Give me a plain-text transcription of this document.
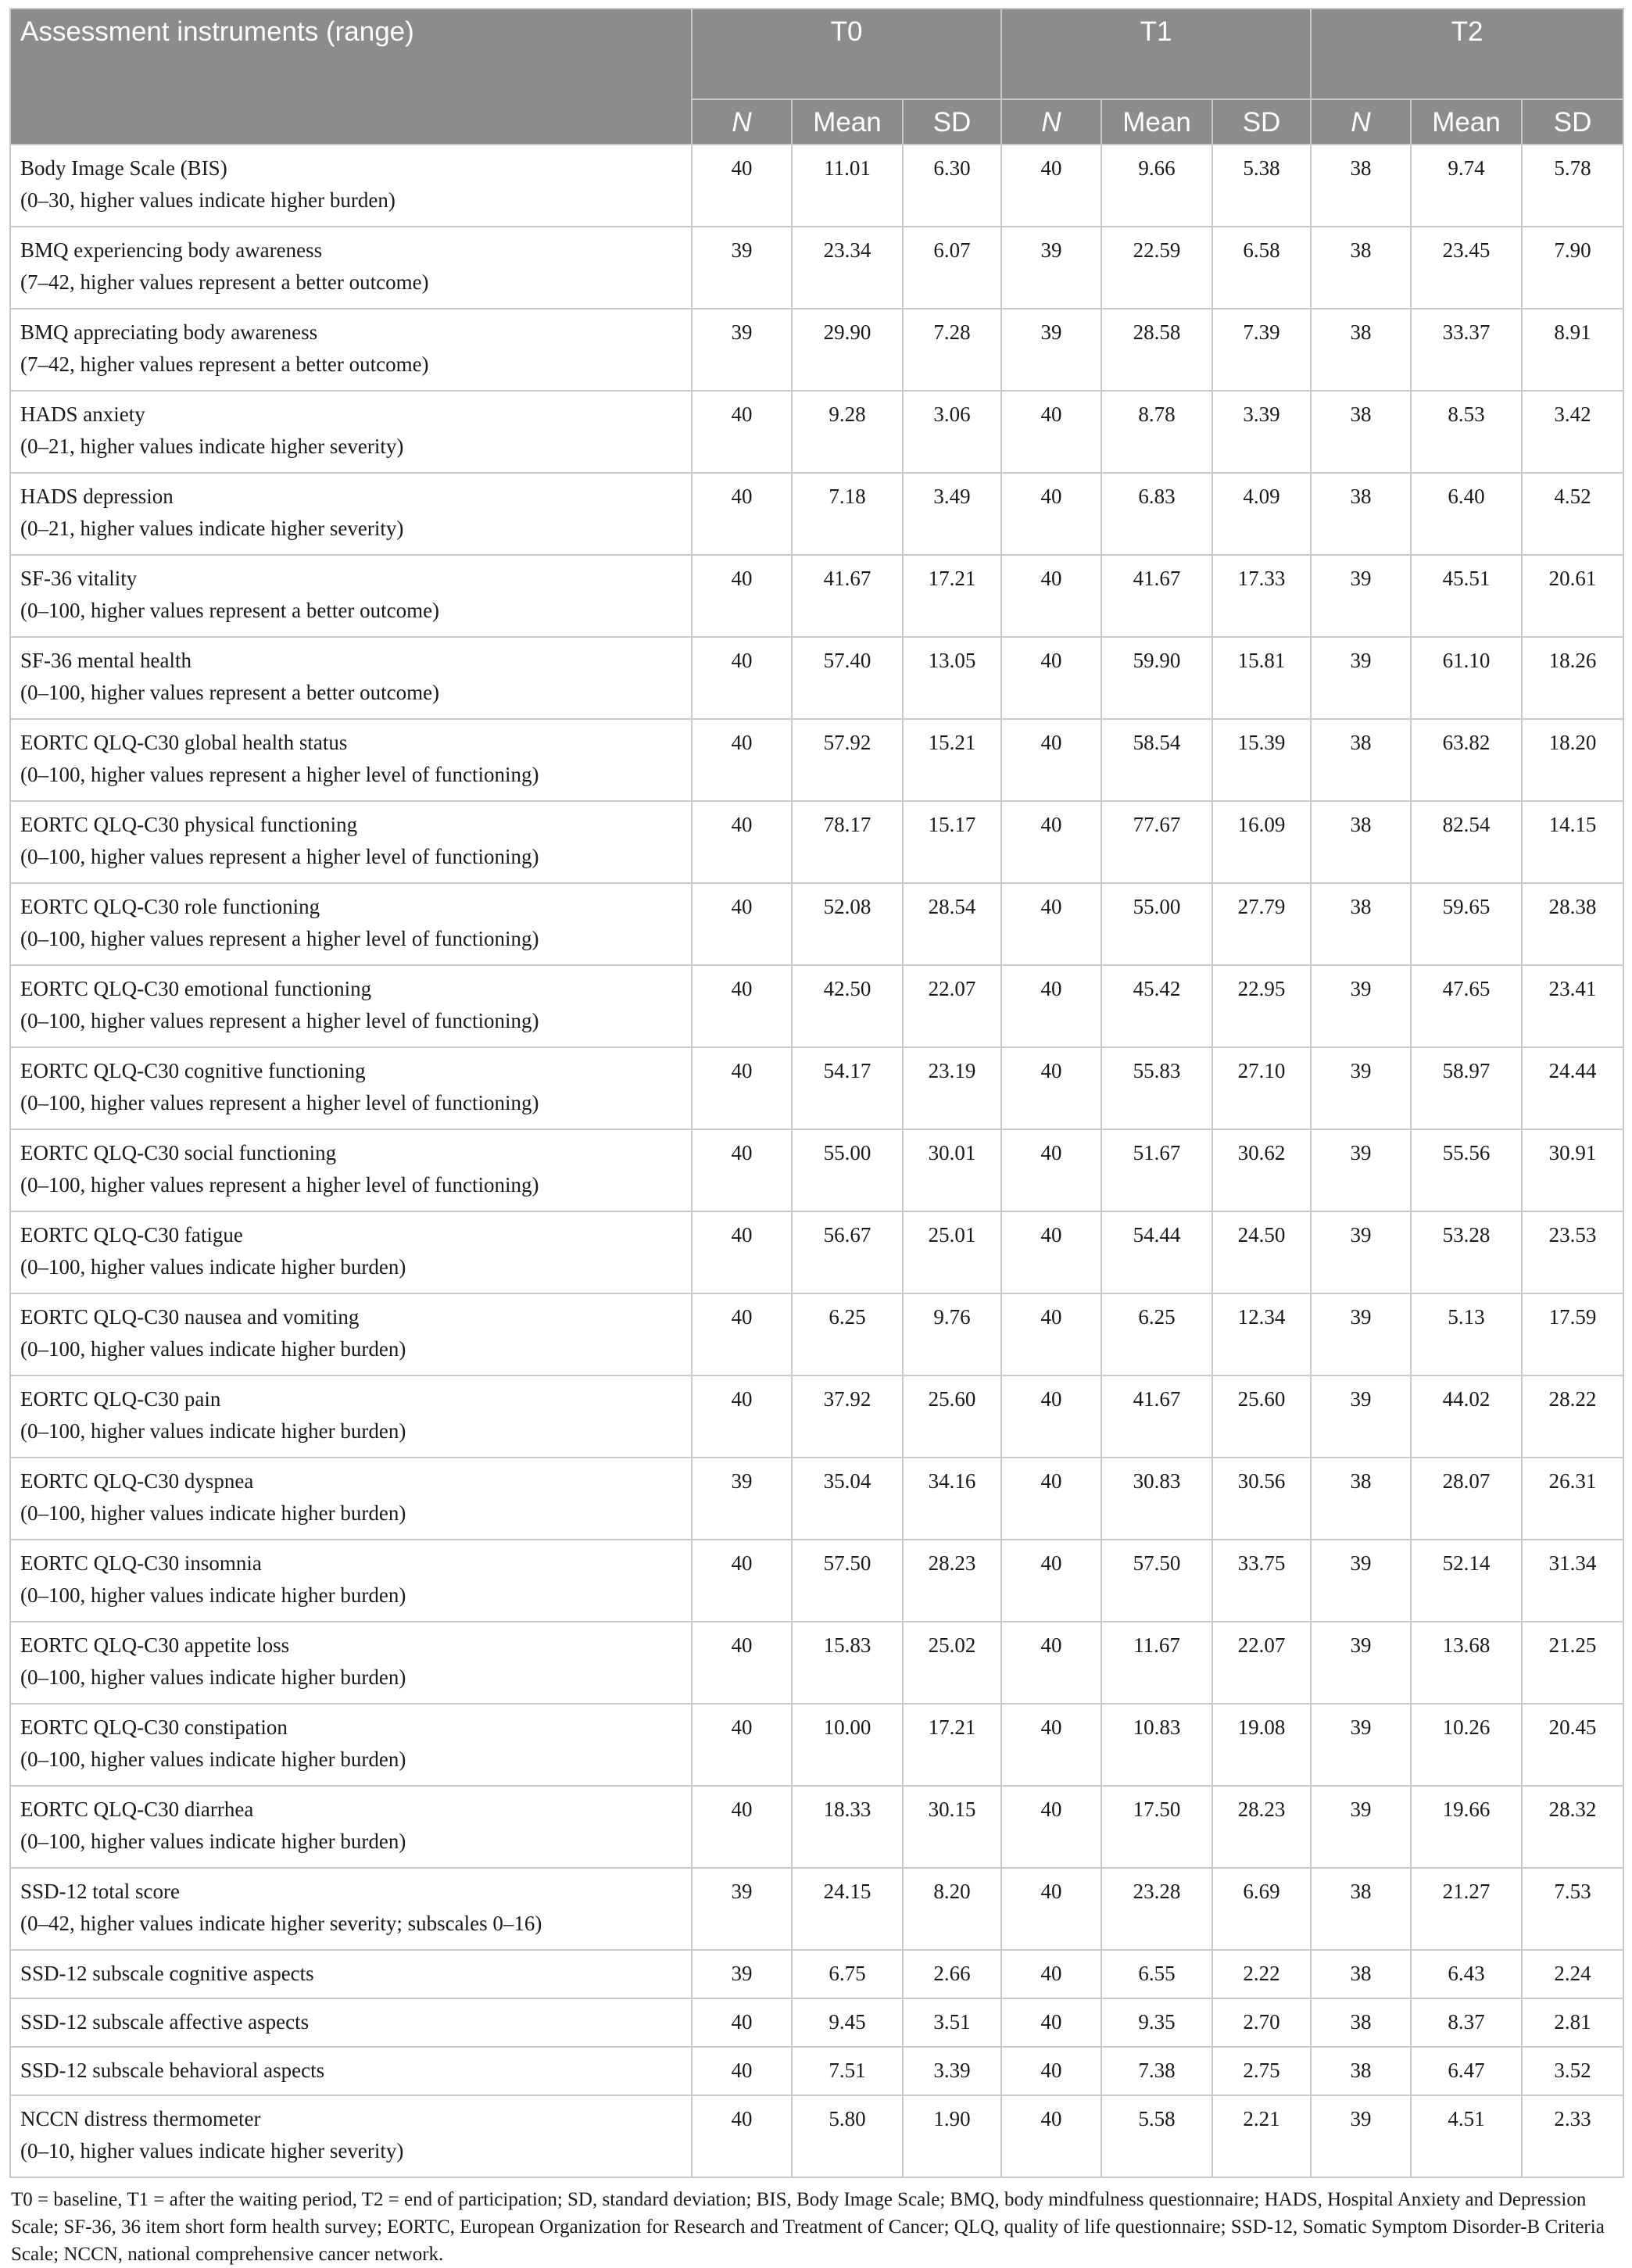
Assessment instruments (range)	T0			T1			T2		
	N	Mean	SD	N	Mean	SD	N	Mean	SD

Body Image Scale (BIS)
(0–30, higher values indicate higher burden)	40	11.01	6.30	40	9.66	5.38	38	9.74	5.78

BMQ experiencing body awareness
(7–42, higher values represent a better outcome)	39	23.34	6.07	39	22.59	6.58	38	23.45	7.90

BMQ appreciating body awareness
(7–42, higher values represent a better outcome)	39	29.90	7.28	39	28.58	7.39	38	33.37	8.91

HADS anxiety
(0–21, higher values indicate higher severity)	40	9.28	3.06	40	8.78	3.39	38	8.53	3.42

HADS depression
(0–21, higher values indicate higher severity)	40	7.18	3.49	40	6.83	4.09	38	6.40	4.52

SF-36 vitality
(0–100, higher values represent a better outcome)	40	41.67	17.21	40	41.67	17.33	39	45.51	20.61

SF-36 mental health
(0–100, higher values represent a better outcome)	40	57.40	13.05	40	59.90	15.81	39	61.10	18.26

EORTC QLQ-C30 global health status
(0–100, higher values represent a higher level of functioning)	40	57.92	15.21	40	58.54	15.39	38	63.82	18.20

EORTC QLQ-C30 physical functioning
(0–100, higher values represent a higher level of functioning)	40	78.17	15.17	40	77.67	16.09	38	82.54	14.15

EORTC QLQ-C30 role functioning
(0–100, higher values represent a higher level of functioning)	40	52.08	28.54	40	55.00	27.79	38	59.65	28.38

EORTC QLQ-C30 emotional functioning
(0–100, higher values represent a higher level of functioning)	40	42.50	22.07	40	45.42	22.95	39	47.65	23.41

EORTC QLQ-C30 cognitive functioning
(0–100, higher values represent a higher level of functioning)	40	54.17	23.19	40	55.83	27.10	39	58.97	24.44

EORTC QLQ-C30 social functioning
(0–100, higher values represent a higher level of functioning)	40	55.00	30.01	40	51.67	30.62	39	55.56	30.91

EORTC QLQ-C30 fatigue
(0–100, higher values indicate higher burden)	40	56.67	25.01	40	54.44	24.50	39	53.28	23.53

EORTC QLQ-C30 nausea and vomiting
(0–100, higher values indicate higher burden)	40	6.25	9.76	40	6.25	12.34	39	5.13	17.59

EORTC QLQ-C30 pain
(0–100, higher values indicate higher burden)	40	37.92	25.60	40	41.67	25.60	39	44.02	28.22

EORTC QLQ-C30 dyspnea
(0–100, higher values indicate higher burden)	39	35.04	34.16	40	30.83	30.56	38	28.07	26.31

EORTC QLQ-C30 insomnia
(0–100, higher values indicate higher burden)	40	57.50	28.23	40	57.50	33.75	39	52.14	31.34

EORTC QLQ-C30 appetite loss
(0–100, higher values indicate higher burden)	40	15.83	25.02	40	11.67	22.07	39	13.68	21.25

EORTC QLQ-C30 constipation
(0–100, higher values indicate higher burden)	40	10.00	17.21	40	10.83	19.08	39	10.26	20.45

EORTC QLQ-C30 diarrhea
(0–100, higher values indicate higher burden)	40	18.33	30.15	40	17.50	28.23	39	19.66	28.32

SSD-12 total score
(0–42, higher values indicate higher severity; subscales 0–16)	39	24.15	8.20	40	23.28	6.69	38	21.27	7.53

SSD-12 subscale cognitive aspects	39	6.75	2.66	40	6.55	2.22	38	6.43	2.24

SSD-12 subscale affective aspects	40	9.45	3.51	40	9.35	2.70	38	8.37	2.81

SSD-12 subscale behavioral aspects	40	7.51	3.39	40	7.38	2.75	38	6.47	3.52

NCCN distress thermometer
(0–10, higher values indicate higher severity)	40	5.80	1.90	40	5.58	2.21	39	4.51	2.33
T0 = baseline, T1 = after the waiting period, T2 = end of participation; SD, standard deviation; BIS, Body Image Scale; BMQ, body mindfulness questionnaire; HADS, Hospital Anxiety and Depression Scale; SF-36, 36 item short form health survey; EORTC, European Organization for Research and Treatment of Cancer; QLQ, quality of life questionnaire; SSD-12, Somatic Symptom Disorder-B Criteria Scale; NCCN, national comprehensive cancer network.
